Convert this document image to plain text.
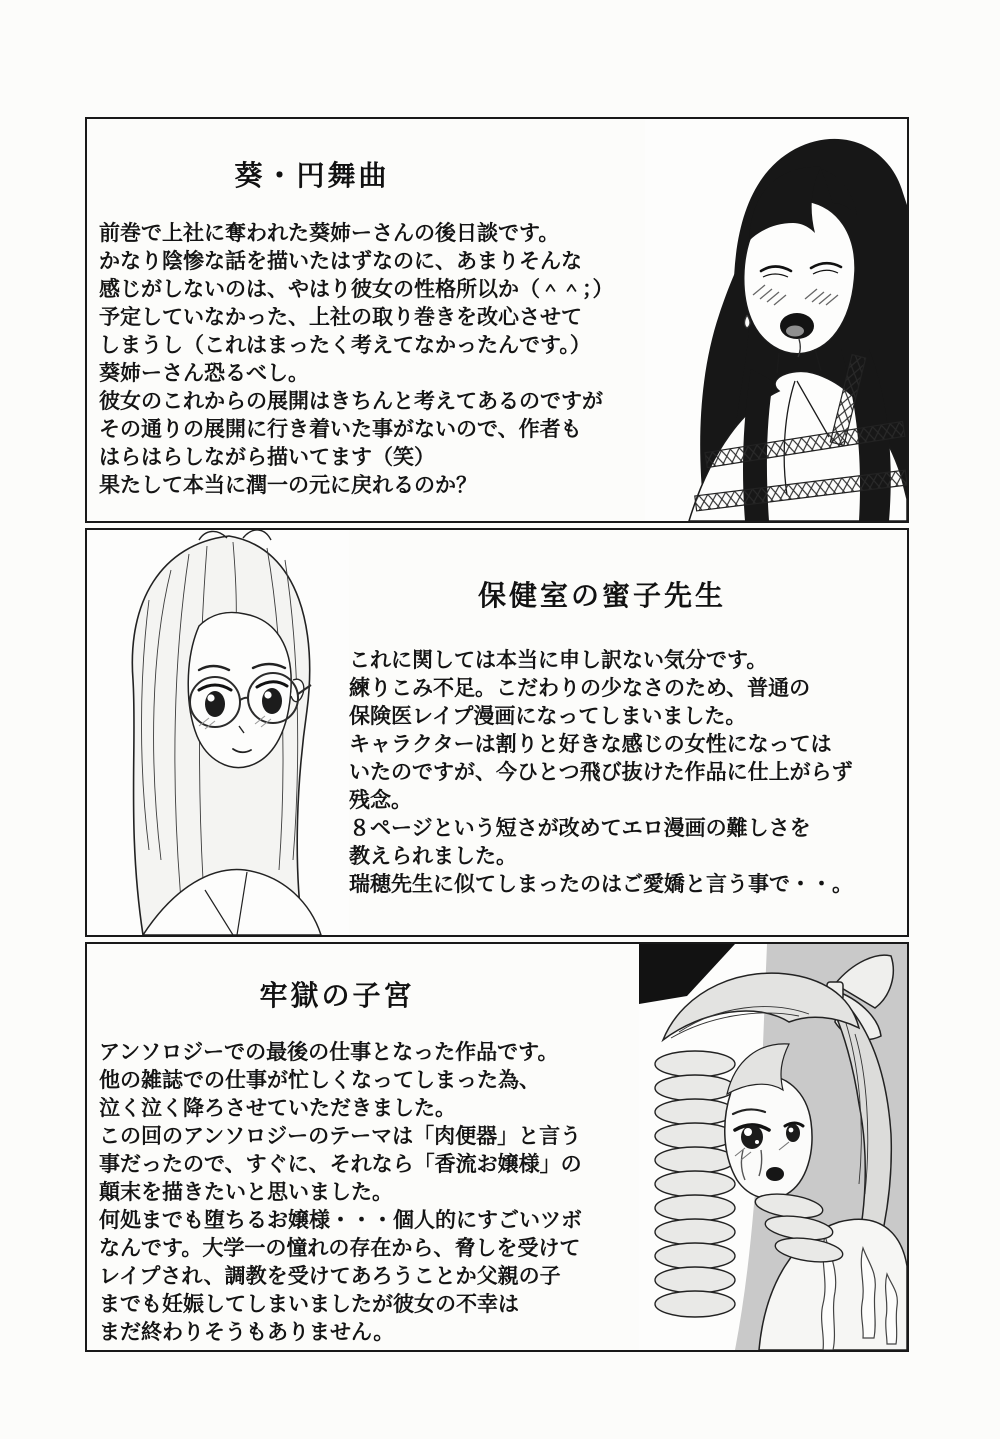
葵・円舞曲
前巻で上社に奪われた葵姉ーさんの後日談です。
かなり陰惨な話を描いたはずなのに、あまりそんな
感じがしないのは、やはり彼女の性格所以か（＾＾；）
予定していなかった、上社の取り巻きを改心させて
しまうし（これはまったく考えてなかったんです。）
葵姉ーさん恐るべし。
彼女のこれからの展開はきちんと考えてあるのですが
その通りの展開に行き着いた事がないので、作者も
はらはらしながら描いてます（笑）
果たして本当に潤一の元に戻れるのか？
保健室の蜜子先生
これに関しては本当に申し訳ない気分です。
練りこみ不足。こだわりの少なさのため、普通の
保険医レイプ漫画になってしまいました。
キャラクターは割りと好きな感じの女性になっては
いたのですが、今ひとつ飛び抜けた作品に仕上がらず
残念。
８ページという短さが改めてエロ漫画の難しさを
教えられました。
瑞穂先生に似てしまったのはご愛嬌と言う事で・・。
牢獄の子宮
アンソロジーでの最後の仕事となった作品です。
他の雑誌での仕事が忙しくなってしまった為、
泣く泣く降ろさせていただきました。
この回のアンソロジーのテーマは「肉便器」と言う
事だったので、すぐに、それなら「香流お嬢様」の
顛末を描きたいと思いました。
何処までも堕ちるお嬢様・・・個人的にすごいツボ
なんです。大学一の憧れの存在から、脅しを受けて
レイプされ、調教を受けてあろうことか父親の子
までも妊娠してしまいましたが彼女の不幸は
まだ終わりそうもありません。
